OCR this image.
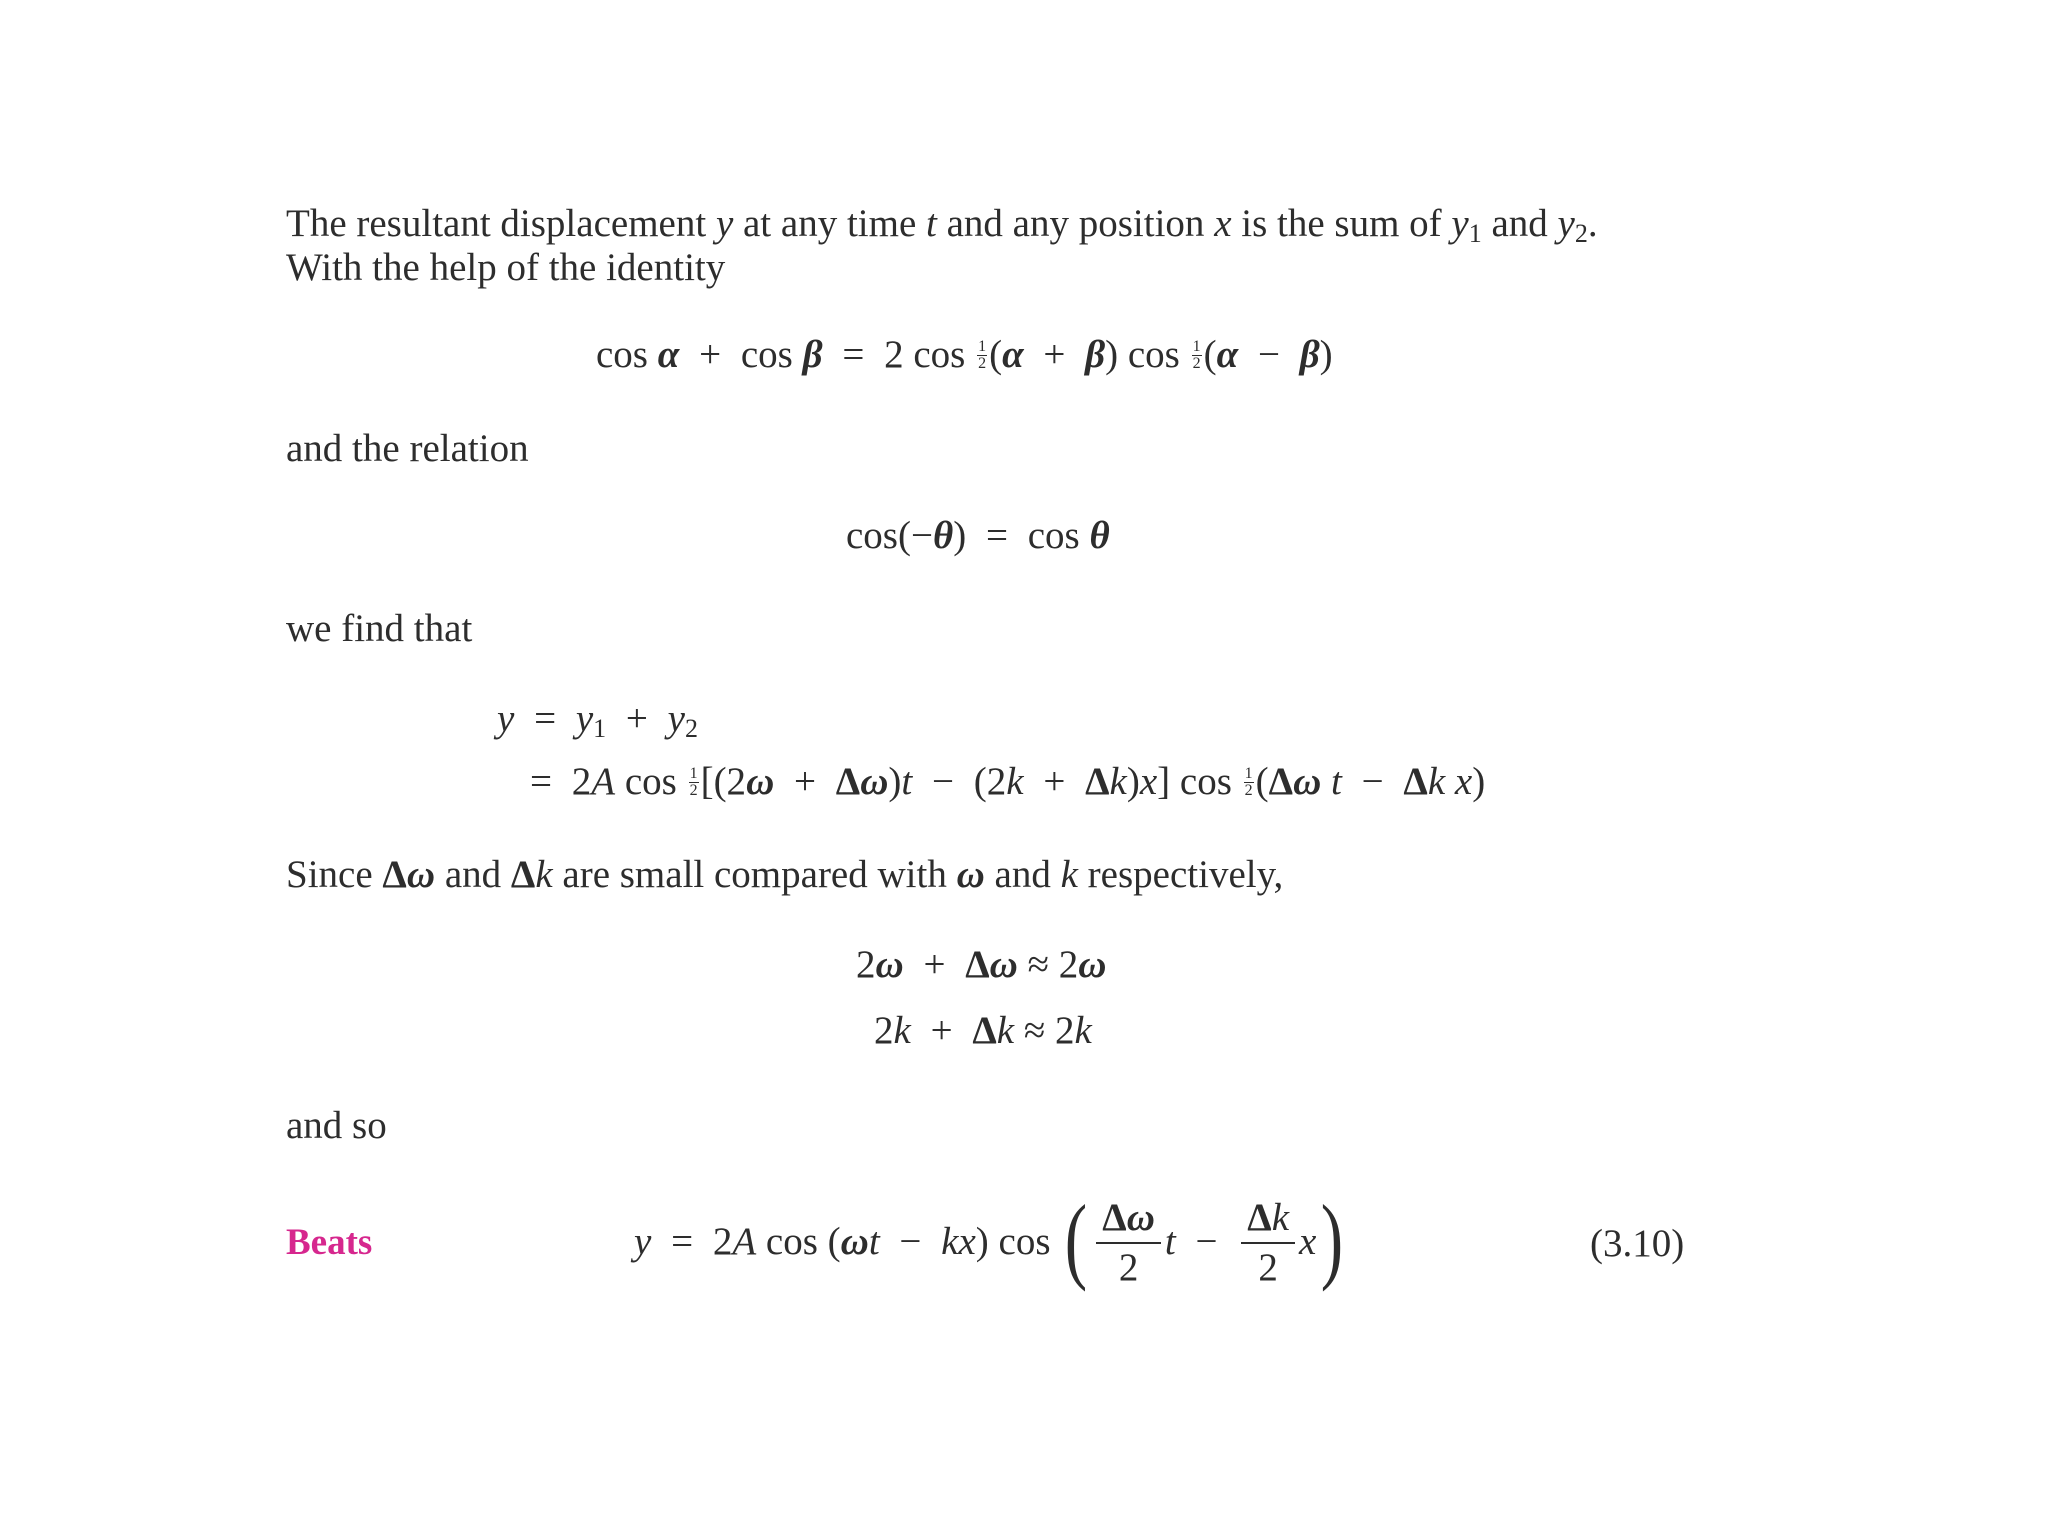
The resultant displacement y at any time t and any position x is the sum of $y_1$ and $y_2$.
With the help of the identity
cos α + cos β = 2 $\cos \frac{1}{2} (\alpha + \beta)$ $\cos \frac{1}{2} (\alpha - \beta)$
and the relation
cos(−θ) = cos θ
we find that
$y = y_1 + y_2$
= 2A $\cos \frac{1}{2} [(2\omega + \Delta\omega)t - (2k + \Delta k)x]$ $\cos \frac{1}{2} (\Delta\omega$ t − Δk x)
Since Δω and Δk are small compared with ω and k respectively,
2ω + Δω ≈ 2ω
2k + Δk ≈ 2k
and so
Beats	y = 2A cos (ωt − kx) cos ( $\frac{\Delta\omega}{2}$ $t - \frac{\Delta k}{2} x$)	(3.10)
